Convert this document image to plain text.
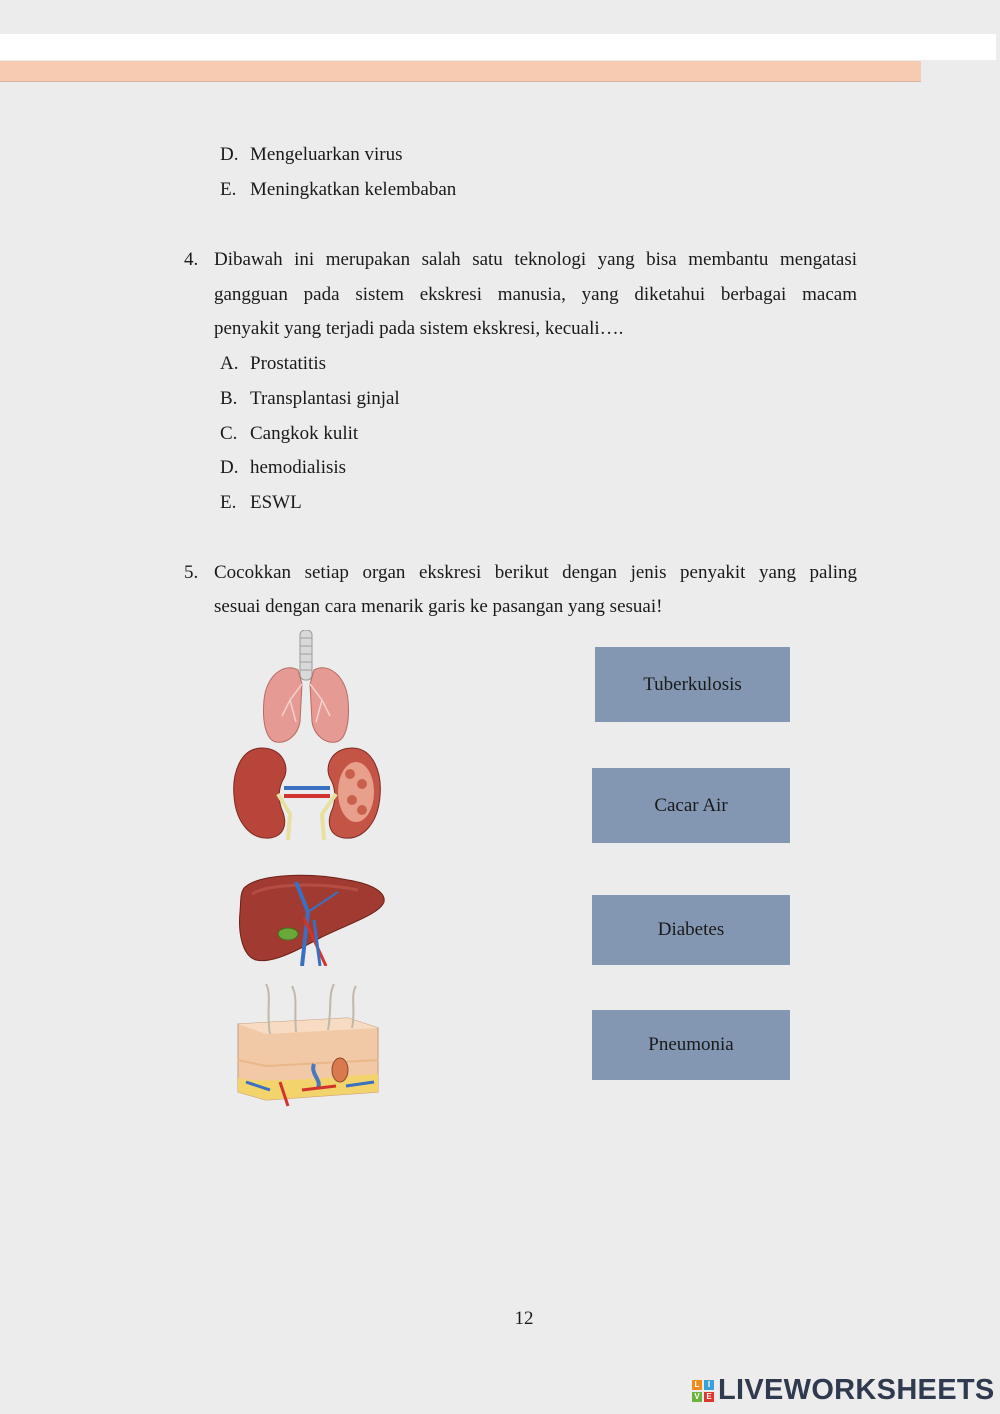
D. Mengeluarkan virus
E. Meningkatkan kelembaban
4. Dibawah ini merupakan salah satu teknologi yang bisa membantu mengatasi
gangguan pada sistem ekskresi manusia, yang diketahui berbagai macam
penyakit yang terjadi pada sistem ekskresi, kecuali….
A. Prostatitis
B. Transplantasi ginjal
C. Cangkok kulit
D. hemodialisis
E. ESWL
5. Cocokkan setiap organ ekskresi berikut dengan jenis penyakit yang paling
sesuai dengan cara menarik garis ke pasangan yang sesuai!
Tuberkulosis
Cacar Air
Diabetes
Pneumonia
12
L	I
V E LIVEWORKSHEETS
